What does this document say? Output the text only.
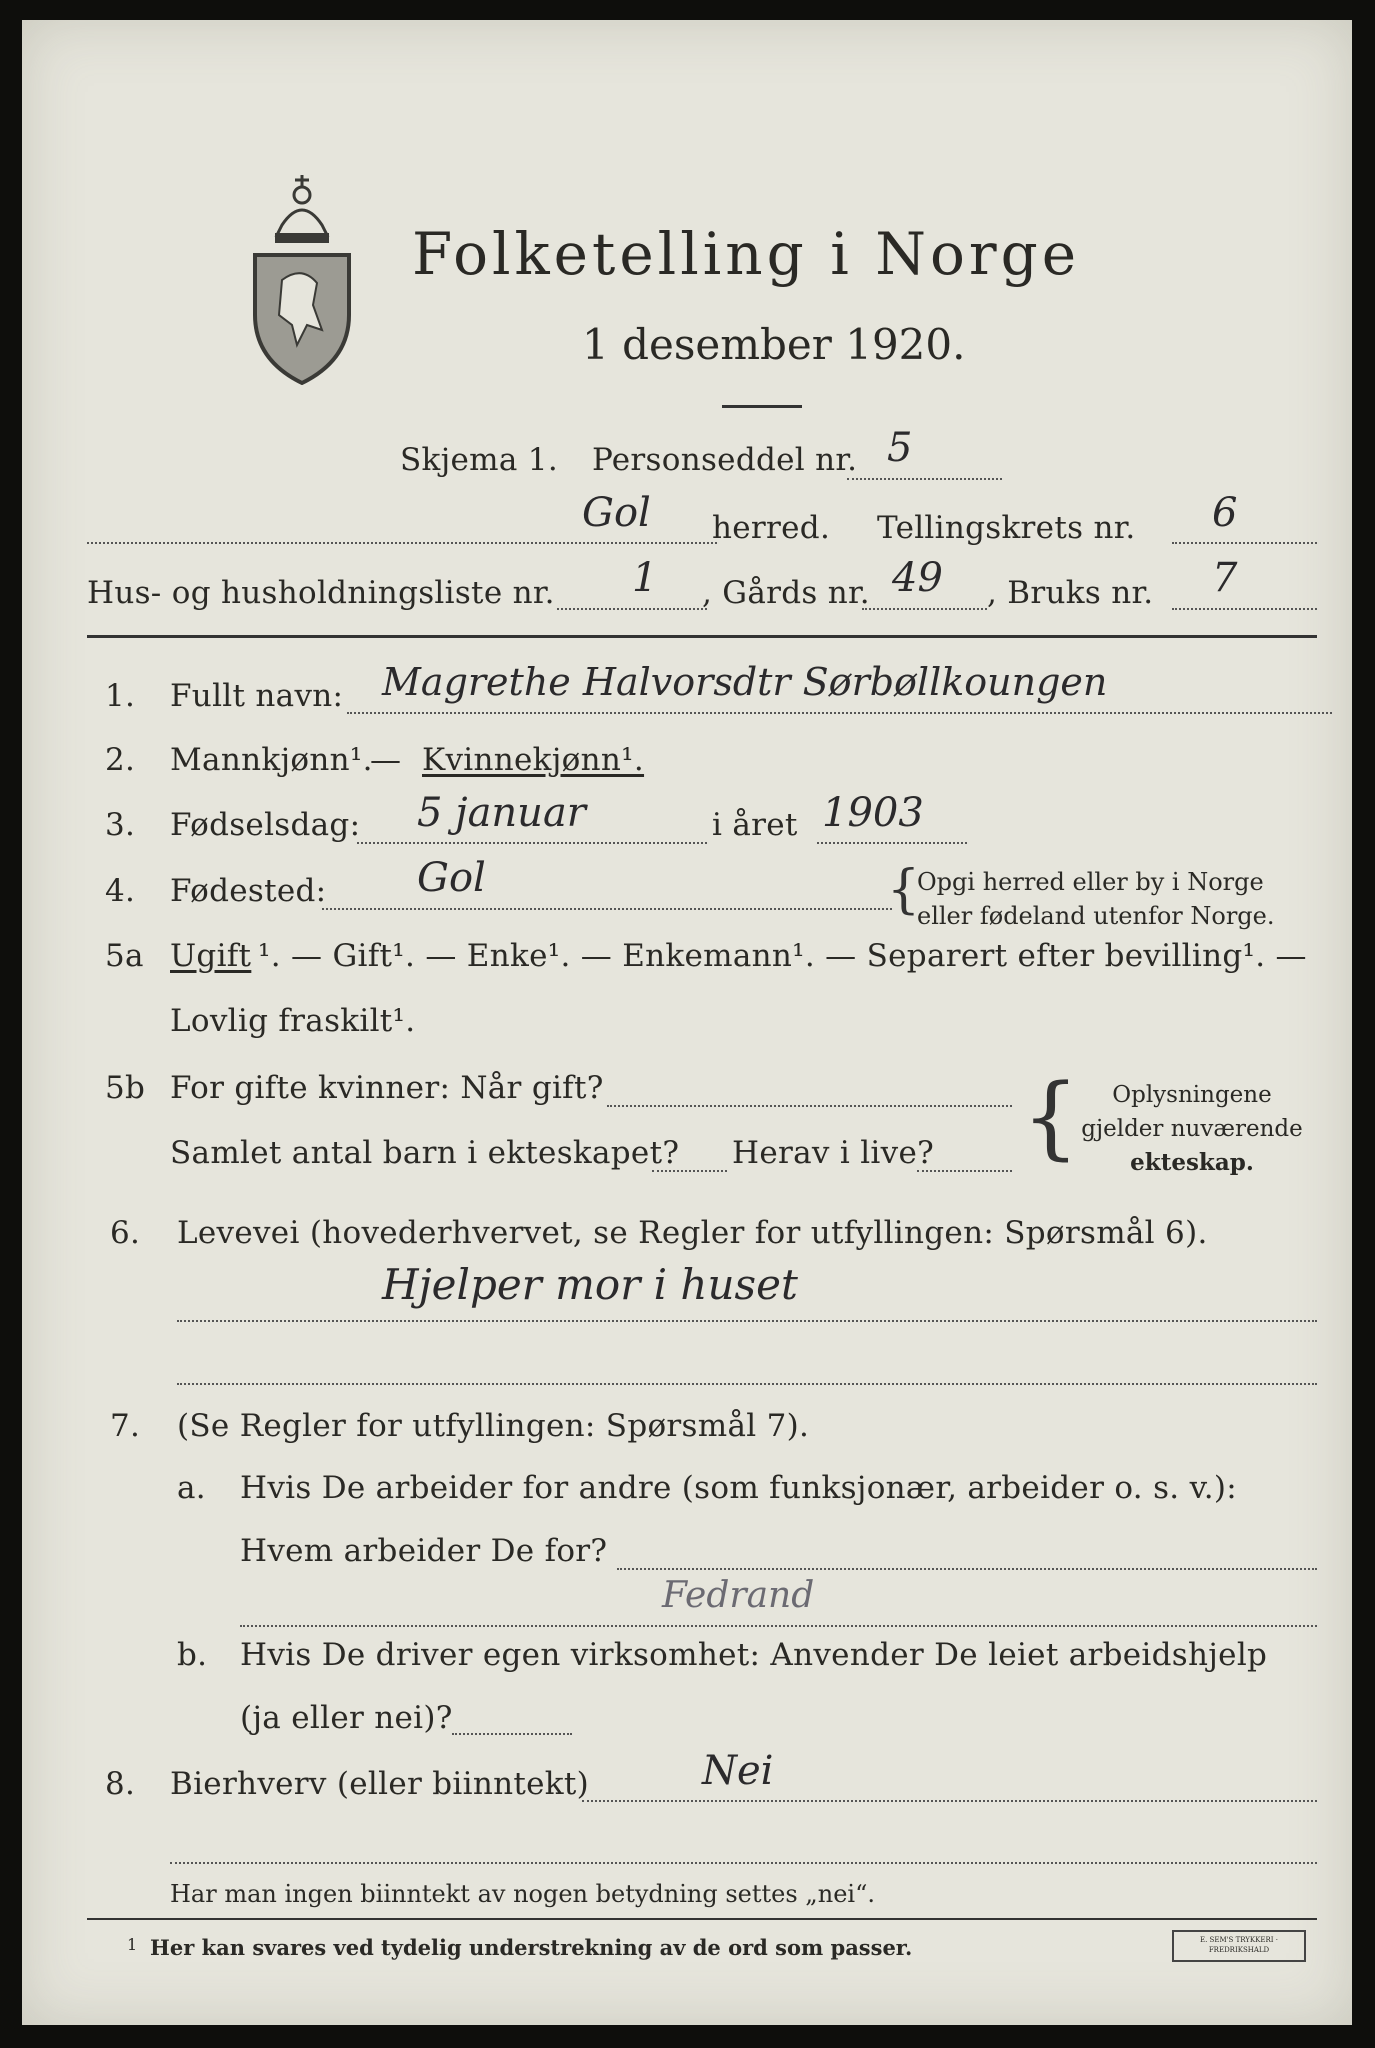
Folketelling i Norge
1 desember 1920.
Skjema 1. Personseddel nr. 5
Gol herred. Tellingskrets nr. 6
Hus- og husholdningsliste nr. 1 , Gårds nr. 49 , Bruks nr. 7
1. Fullt navn: Magrethe Halvorsdtr Sørbøllkoungen
2. Mannkjønn¹.
— Kvinnekjønn¹.
3. Fødselsdag: 5 januar	i året 1903
4. Fødested: Gol	{
Opgi herred eller by i Norge
eller fødeland utenfor Norge.
5a Ugift ¹. — Gift¹. — Enke¹. — Enkemann¹. — Separert efter bevilling¹. —
Lovlig fraskilt¹.
5b For gifte kvinner: Når gift?
Samlet antal barn i ekteskapet? Herav i live? {	Oplysningene
gjelder nuværende
ekteskap.
6. Levevei (hovederhvervet, se Regler for utfyllingen: Spørsmål 6).
Hjelper mor i huset
7. (Se Regler for utfyllingen: Spørsmål 7).
a. Hvis De arbeider for andre (som funksjonær, arbeider o. s. v.):
Hvem arbeider De for?
Fedrand
b. Hvis De driver egen virksomhet: Anvender De leiet arbeidshjelp
(ja eller nei)?
8. Bierhverv (eller biinntekt)	Nei
Har man ingen biinntekt av nogen betydning settes „nei“.
1 Her kan svares ved tydelig understrekning av de ord som passer.	E. SEM'S TRYKKERI · FREDRIKSHALD
